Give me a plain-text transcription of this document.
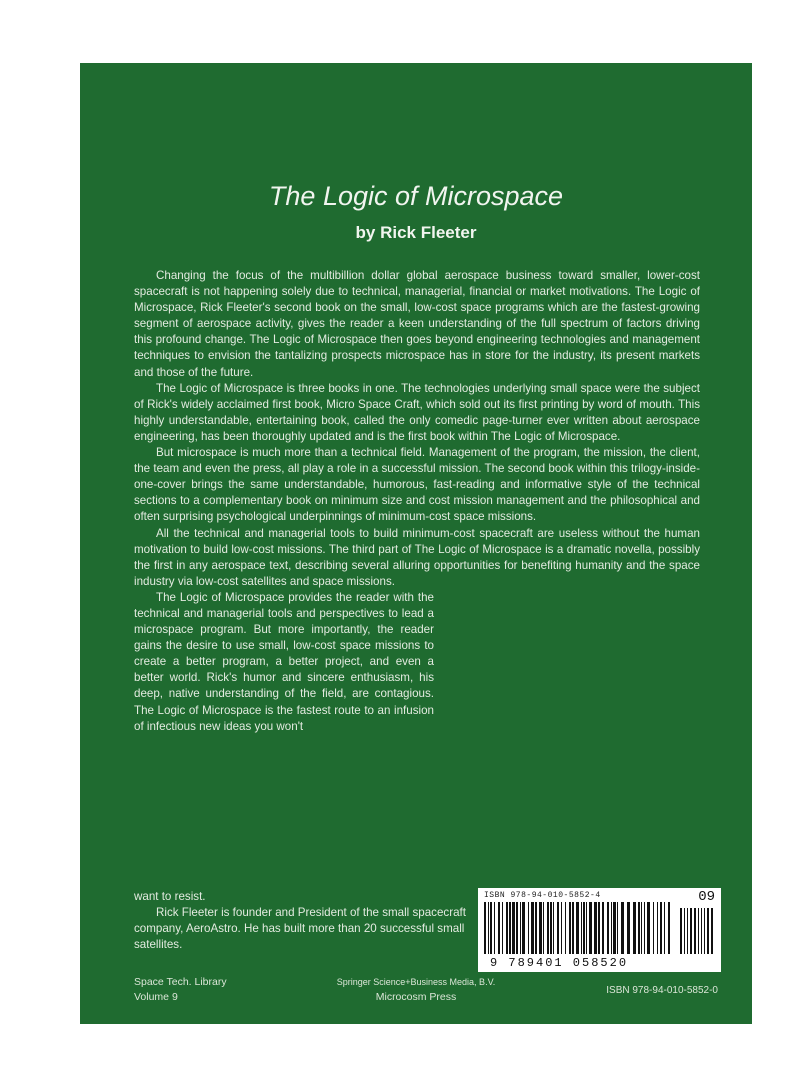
The Logic of Microspace
by Rick Fleeter

Changing the focus of the multibillion dollar global aerospace business toward smaller, lower-cost spacecraft is not happening solely due to technical, managerial, financial or market motivations. The Logic of Microspace, Rick Fleeter's second book on the small, low-cost space programs which are the fastest-growing segment of aerospace activity, gives the reader a keen understanding of the full spectrum of factors driving this profound change. The Logic of Microspace then goes beyond engineering technologies and management techniques to envision the tantalizing prospects microspace has in store for the industry, its present markets and those of the future.

The Logic of Microspace is three books in one. The technologies underlying small space were the subject of Rick's widely acclaimed first book, Micro Space Craft, which sold out its first printing by word of mouth. This highly understandable, entertaining book, called the only comedic page-turner ever written about aerospace engineering, has been thoroughly updated and is the first book within The Logic of Microspace.

But microspace is much more than a technical field. Management of the program, the mission, the client, the team and even the press, all play a role in a successful mission. The second book within this trilogy-inside-one-cover brings the same understandable, humorous, fast-reading and informative style of the technical sections to a complementary book on minimum size and cost mission management and the philosophical and often surprising psychological underpinnings of minimum-cost space missions.

All the technical and managerial tools to build minimum-cost spacecraft are useless without the human motivation to build low-cost missions. The third part of The Logic of Microspace is a dramatic novella, possibly the first in any aerospace text, describing several alluring opportunities for benefiting humanity and the space industry via low-cost satellites and space missions.

The Logic of Microspace provides the reader with the technical and managerial tools and perspectives to lead a microspace program. But more importantly, the reader gains the desire to use small, low-cost space missions to create a better program, a better project, and even a better world. Rick's humor and sincere enthusiasm, his deep, native understanding of the field, are contagious. The Logic of Microspace is the fastest route to an infusion of infectious new ideas you won't

want to resist.

Rick Fleeter is founder and President of the small spacecraft company, AeroAstro. He has built more than 20 successful small satellites.

ISBN 978-94-010-5852-4	09
9 789401 058520
Space Tech. Library
Volume 9
Springer Science+Business Media, B.V.
Microcosm Press
ISBN 978-94-010-5852-0
